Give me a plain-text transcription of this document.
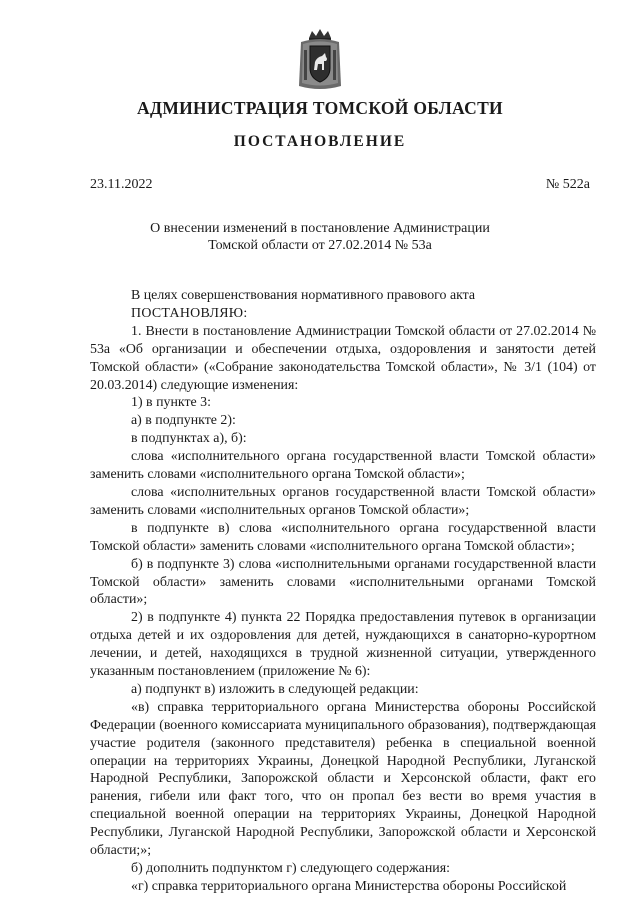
АДМИНИСТРАЦИЯ ТОМСКОЙ ОБЛАСТИ
ПОСТАНОВЛЕНИЕ
23.11.2022	№ 522а
О внесении изменений в постановление Администрации
Томской области от 27.02.2014 № 53а

В целях совершенствования нормативного правового акта

ПОСТАНОВЛЯЮ:

1. Внести в постановление Администрации Томской области от 27.02.2014 № 53а «Об организации и обеспечении отдыха, оздоровления и занятости детей Томской области» («Собрание законодательства Томской области», № 3/1 (104) от 20.03.2014) следующие изменения:

1) в пункте 3:

а) в подпункте 2):

в подпунктах а), б):

слова «исполнительного органа государственной власти Томской области» заменить словами «исполнительного органа Томской области»;

слова «исполнительных органов государственной власти Томской области» заменить словами «исполнительных органов Томской области»;

в подпункте в) слова «исполнительного органа государственной власти Томской области» заменить словами «исполнительного органа Томской области»;

б) в подпункте 3) слова «исполнительными органами государственной власти Томской области» заменить словами «исполнительными органами Томской области»;

2) в подпункте 4) пункта 22 Порядка предоставления путевок в организации отдыха детей и их оздоровления для детей, нуждающихся в санаторно-курортном лечении, и детей, находящихся в трудной жизненной ситуации, утвержденного указанным постановлением (приложение № 6):

а) подпункт в) изложить в следующей редакции:

«в) справка территориального органа Министерства обороны Российской Федерации (военного комиссариата муниципального образования), подтверждающая участие родителя (законного представителя) ребенка в специальной военной операции на территориях Украины, Донецкой Народной Республики, Луганской Народной Республики, Запорожской области и Херсонской области, факт его ранения, гибели или факт того, что он пропал без вести во время участия в специальной военной операции на территориях Украины, Донецкой Народной Республики, Луганской Народной Республики, Запорожской области и Херсонской области;»;

б) дополнить подпунктом г) следующего содержания:

«г) справка территориального органа Министерства обороны Российской
